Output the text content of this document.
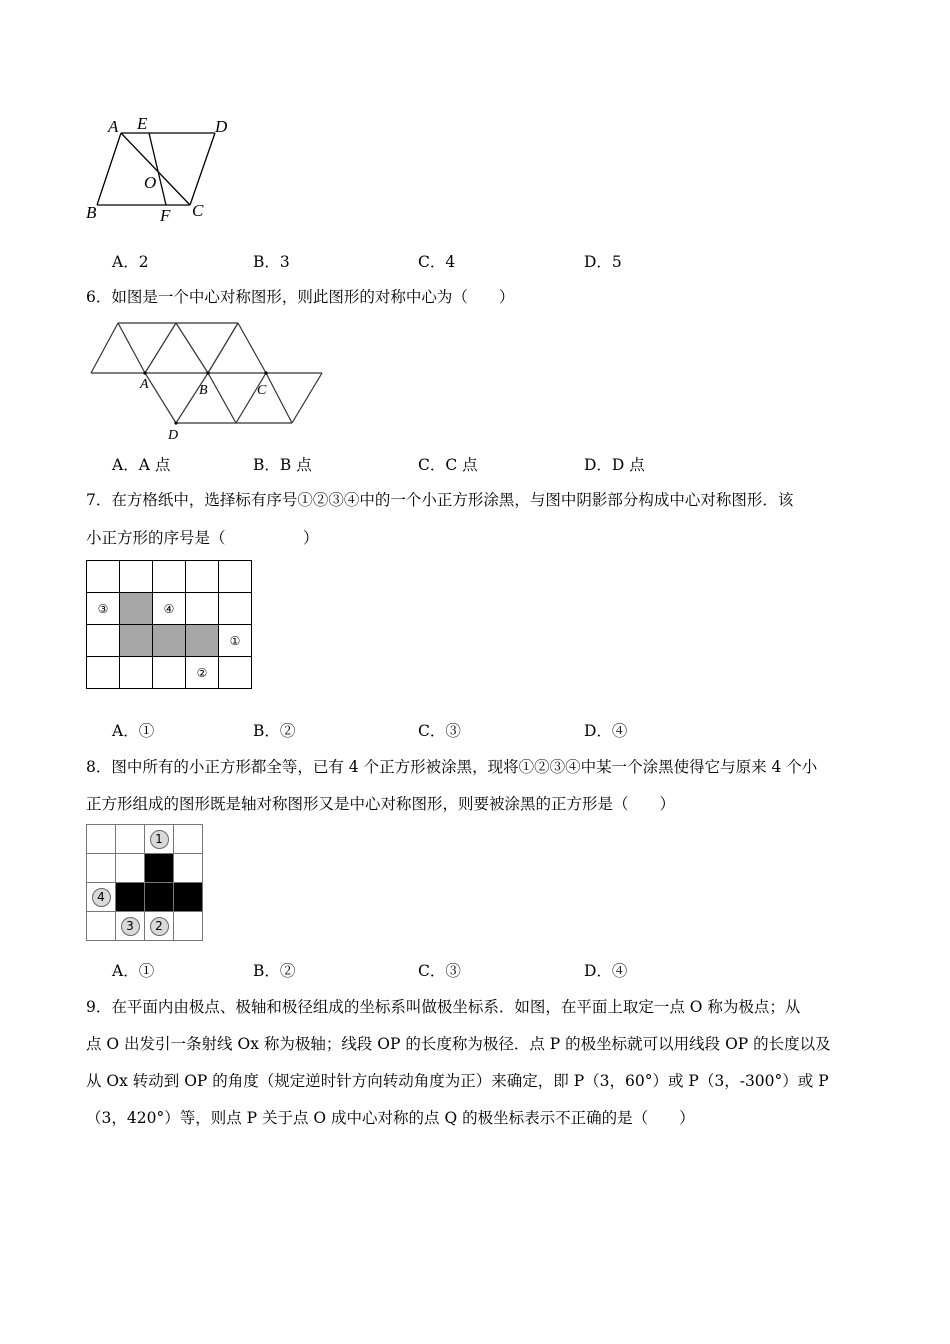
A E	D
O
B	F C
A．2	B．3	C．4	D．5
6．如图是一个中心对称图形，则此图形的对称中心为（　　）
A	B	C
D
A．A 点	B．B 点	C．C 点	D．D 点
7．在方格纸中，选择标有序号①②③④中的一个小正方形涂黑，与图中阴影部分构成中心对称图形．该
小正方形的序号是（　　　　　）

③		④		
				①
			②	
A．①	B．②	C．③	D．④
8．图中所有的小正方形都全等，已有 4 个正方形被涂黑，现将①②③④中某一个涂黑使得它与原来 4 个小
正方形组成的图形既是轴对称图形又是中心对称图形，则要被涂黑的正方形是（　　）
		1	

4			
	3	2	
A．①	B．②	C．③	D．④
9．在平面内由极点、极轴和极径组成的坐标系叫做极坐标系．如图，在平面上取定一点 O 称为极点；从
点 O 出发引一条射线 Ox 称为极轴；线段 OP 的长度称为极径．点 P 的极坐标就可以用线段 OP 的长度以及
从 Ox 转动到 OP 的角度（规定逆时针方向转动角度为正）来确定，即 P（3，60°）或 P（3，-300°）或 P
（3，420°）等，则点 P 关于点 O 成中心对称的点 Q 的极坐标表示不正确的是（　　）
